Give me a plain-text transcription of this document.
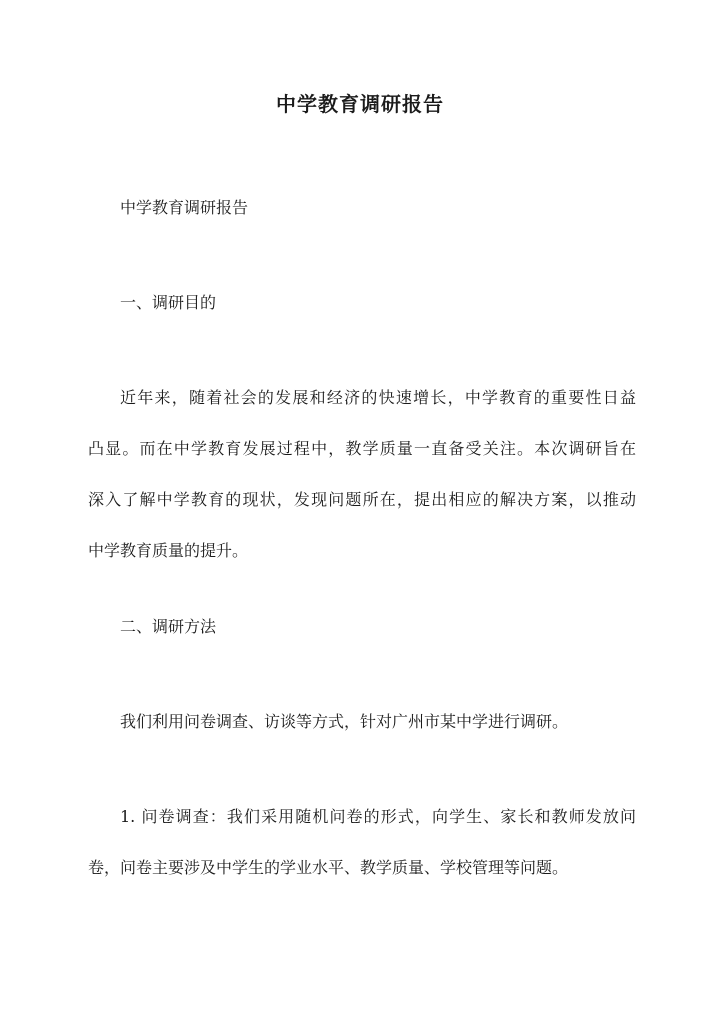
中学教育调研报告
中学教育调研报告
一、调研目的
近年来，随着社会的发展和经济的快速增长，中学教育的重要性日益
凸显。而在中学教育发展过程中，教学质量一直备受关注。本次调研旨在
深入了解中学教育的现状，发现问题所在，提出相应的解决方案，以推动
中学教育质量的提升。
二、调研方法
我们利用问卷调查、访谈等方式，针对广州市某中学进行调研。
1. 问卷调查：我们采用随机问卷的形式，向学生、家长和教师发放问
卷，问卷主要涉及中学生的学业水平、教学质量、学校管理等问题。
